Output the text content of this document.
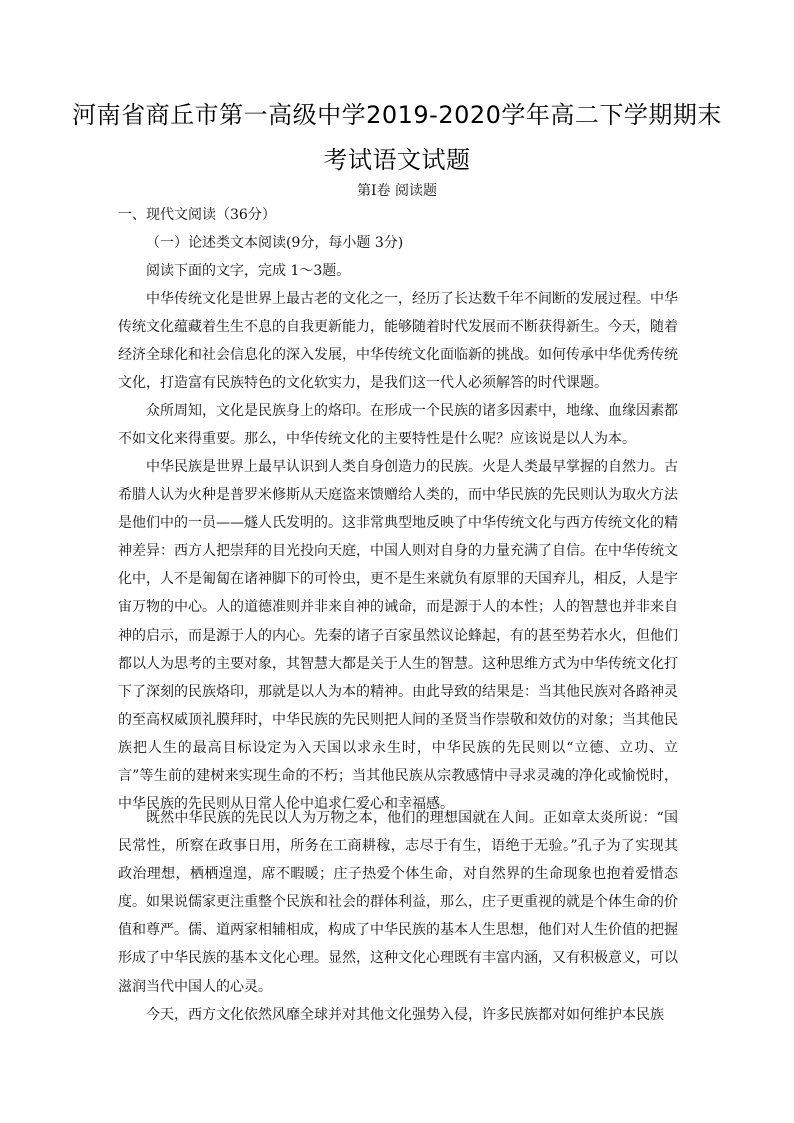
河南省商丘市第一高级中学2019-2020学年高二下学期期末
考试语文试题
第Ⅰ卷 阅读题
一、现代文阅读（36分）
（一）论述类文本阅读(9分，每小题 3分)
阅读下面的文字，完成 1～3题。

中华传统文化是世界上最古老的文化之一，经历了长达数千年不间断的发展过程。中华传统文化蕴藏着生生不息的自我更新能力，能够随着时代发展而不断获得新生。今天，随着经济全球化和社会信息化的深入发展，中华传统文化面临新的挑战。如何传承中华优秀传统文化，打造富有民族特色的文化软实力，是我们这一代人必须解答的时代课题。

众所周知，文化是民族身上的烙印。在形成一个民族的诸多因素中，地缘、血缘因素都不如文化来得重要。那么，中华传统文化的主要特性是什么呢？应该说是以人为本。

中华民族是世界上最早认识到人类自身创造力的民族。火是人类最早掌握的自然力。古希腊人认为火种是普罗米修斯从天庭盗来馈赠给人类的，而中华民族的先民则认为取火方法是他们中的一员——燧人氏发明的。这非常典型地反映了中华传统文化与西方传统文化的精神差异：西方人把崇拜的目光投向天庭，中国人则对自身的力量充满了自信。在中华传统文化中，人不是匍匐在诸神脚下的可怜虫，更不是生来就负有原罪的天国弃儿，相反，人是宇宙万物的中心。人的道德准则并非来自神的诫命，而是源于人的本性；人的智慧也并非来自神的启示，而是源于人的内心。先秦的诸子百家虽然议论蜂起，有的甚至势若水火，但他们都以人为思考的主要对象，其智慧大都是关于人生的智慧。这种思维方式为中华传统文化打下了深刻的民族烙印，那就是以人为本的精神。由此导致的结果是：当其他民族对各路神灵的至高权威顶礼膜拜时，中华民族的先民则把人间的圣贤当作崇敬和效仿的对象；当其他民族把人生的最高目标设定为入天国以求永生时，中华民族的先民则以“立德、立功、立言”等生前的建树来实现生命的不朽；当其他民族从宗教感情中寻求灵魂的净化或愉悦时，中华民族的先民则从日常人伦中追求仁爱心和幸福感。

既然中华民族的先民以人为万物之本，他们的理想国就在人间。正如章太炎所说：“国民常性，所察在政事日用，所务在工商耕稼，志尽于有生，语绝于无验。”孔子为了实现其政治理想，栖栖遑遑，席不暇暖；庄子热爱个体生命，对自然界的生命现象也抱着爱惜态度。如果说儒家更注重整个民族和社会的群体利益，那么，庄子更重视的就是个体生命的价值和尊严。儒、道两家相辅相成，构成了中华民族的基本人生思想，他们对人生价值的把握形成了中华民族的基本文化心理。显然，这种文化心理既有丰富内涵，又有积极意义，可以滋润当代中国人的心灵。

今天，西方文化依然风靡全球并对其他文化强势入侵，许多民族都对如何维护本民族
